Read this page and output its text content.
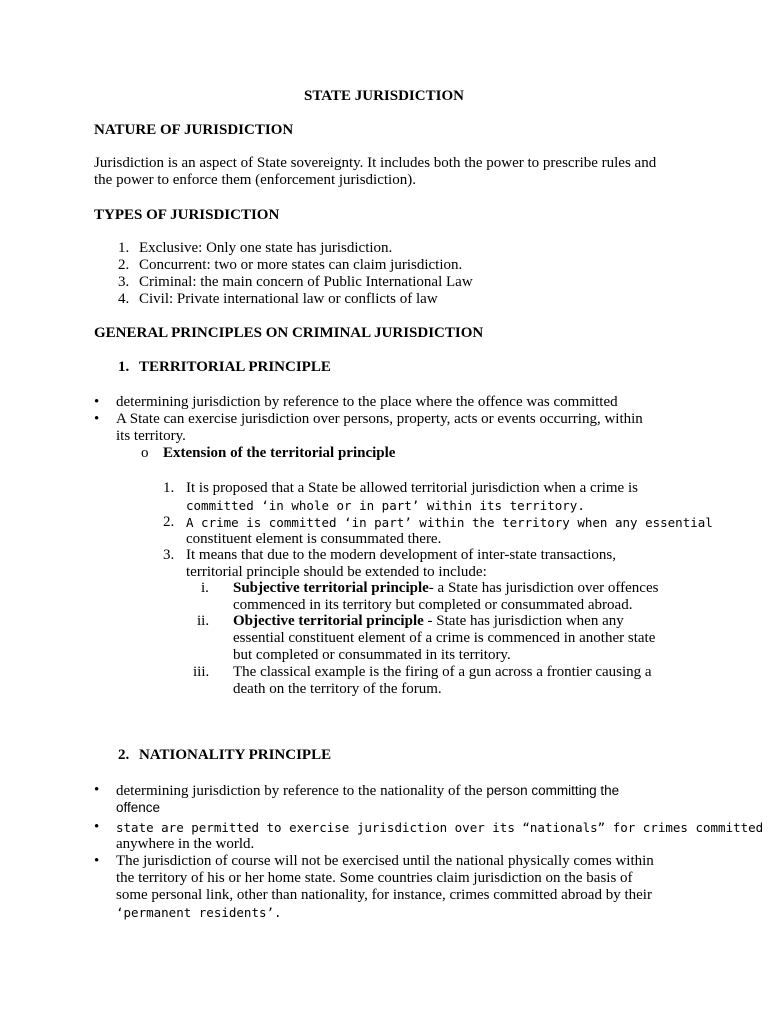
STATE JURISDICTION

NATURE OF JURISDICTION

Jurisdiction is an aspect of State sovereignty. It includes both the power to prescribe rules and

the power to enforce them (enforcement jurisdiction).

TYPES OF JURISDICTION

1. Exclusive: Only one state has jurisdiction.
2. Concurrent: two or more states can claim jurisdiction.
3. Criminal: the main concern of Public International Law
4. Civil: Private international law or conflicts of law

GENERAL PRINCIPLES ON CRIMINAL JURISDICTION

1. TERRITORIAL PRINCIPLE
• determining jurisdiction by reference to the place where the offence was committed
• A State can exercise jurisdiction over persons, property, acts or events occurring, within
its territory.
o Extension of the territorial principle
1. It is proposed that a State be allowed territorial jurisdiction when a crime is
committed ‘in whole or in part’ within its territory.
2. A crime is committed ‘in part’ within the territory when any essential
constituent element is consummated there.
3. It means that due to the modern development of inter-state transactions,
territorial principle should be extended to include:
i. Subjective territorial principle- a State has jurisdiction over offences
commenced in its territory but completed or consummated abroad.
ii. Objective territorial principle - State has jurisdiction when any
essential constituent element of a crime is commenced in another state
but completed or consummated in its territory.
iii. The classical example is the firing of a gun across a frontier causing a
death on the territory of the forum.
2. NATIONALITY PRINCIPLE
• determining jurisdiction by reference to the nationality of the person committing the
offence
• state are permitted to exercise jurisdiction over its “nationals” for crimes committed
anywhere in the world.
• The jurisdiction of course will not be exercised until the national physically comes within
the territory of his or her home state. Some countries claim jurisdiction on the basis of
some personal link, other than nationality, for instance, crimes committed abroad by their
‘permanent residents’.
